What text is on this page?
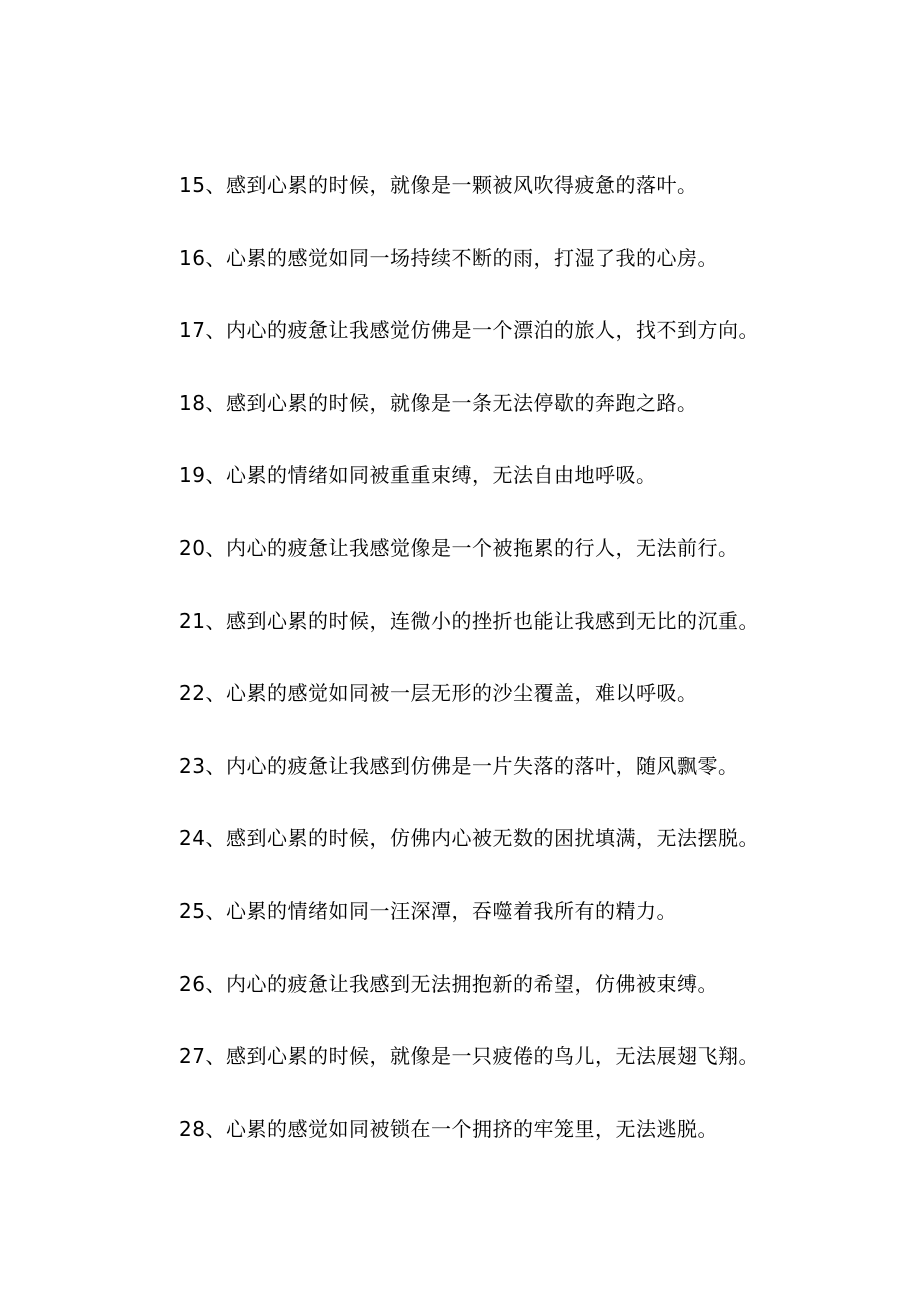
15、感到心累的时候，就像是一颗被风吹得疲惫的落叶。
16、心累的感觉如同一场持续不断的雨，打湿了我的心房。
17、内心的疲惫让我感觉仿佛是一个漂泊的旅人，找不到方向。
18、感到心累的时候，就像是一条无法停歇的奔跑之路。
19、心累的情绪如同被重重束缚，无法自由地呼吸。
20、内心的疲惫让我感觉像是一个被拖累的行人，无法前行。
21、感到心累的时候，连微小的挫折也能让我感到无比的沉重。
22、心累的感觉如同被一层无形的沙尘覆盖，难以呼吸。
23、内心的疲惫让我感到仿佛是一片失落的落叶，随风飘零。
24、感到心累的时候，仿佛内心被无数的困扰填满，无法摆脱。
25、心累的情绪如同一汪深潭，吞噬着我所有的精力。
26、内心的疲惫让我感到无法拥抱新的希望，仿佛被束缚。
27、感到心累的时候，就像是一只疲倦的鸟儿，无法展翅飞翔。
28、心累的感觉如同被锁在一个拥挤的牢笼里，无法逃脱。
